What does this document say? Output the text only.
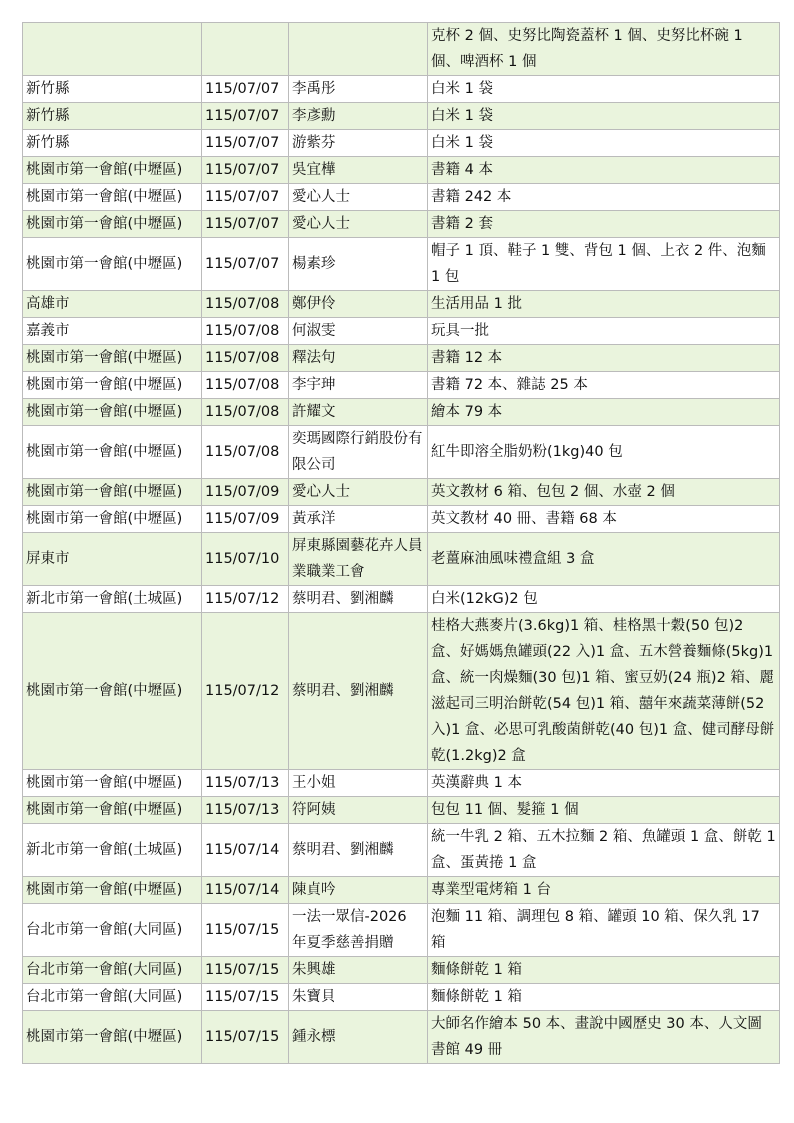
			克杯 2 個、史努比陶瓷蓋杯 1 個、史努比杯碗 1 個、啤酒杯 1 個
新竹縣	115/07/07	李禹彤	白米 1 袋
新竹縣	115/07/07	李彥勳	白米 1 袋
新竹縣	115/07/07	游紫芬	白米 1 袋
桃園市第一會館(中壢區)	115/07/07	吳宜樺	書籍 4 本
桃園市第一會館(中壢區)	115/07/07	愛心人士	書籍 242 本
桃園市第一會館(中壢區)	115/07/07	愛心人士	書籍 2 套
桃園市第一會館(中壢區)	115/07/07	楊素珍	帽子 1 頂、鞋子 1 雙、背包 1 個、上衣 2 件、泡麵 1 包
高雄市	115/07/08	鄭伊伶	生活用品 1 批
嘉義市	115/07/08	何淑雯	玩具一批
桃園市第一會館(中壢區)	115/07/08	釋法句	書籍 12 本
桃園市第一會館(中壢區)	115/07/08	李宇珅	書籍 72 本、雜誌 25 本
桃園市第一會館(中壢區)	115/07/08	許耀文	繪本 79 本
桃園市第一會館(中壢區)	115/07/08	奕瑪國際行銷股份有限公司	紅牛即溶全脂奶粉(1kg)40 包
桃園市第一會館(中壢區)	115/07/09	愛心人士	英文教材 6 箱、包包 2 個、水壺 2 個
桃園市第一會館(中壢區)	115/07/09	黃承洋	英文教材 40 冊、書籍 68 本
屏東市	115/07/10	屏東縣園藝花卉人員業職業工會	老薑麻油風味禮盒組 3 盒
新北市第一會館(土城區)	115/07/12	蔡明君、劉湘麟	白米(12kG)2 包
桃園市第一會館(中壢區)	115/07/12	蔡明君、劉湘麟	桂格大燕麥片(3.6kg)1 箱、桂格黑十穀(50 包)2 盒、好媽媽魚罐頭(22 入)1 盒、五木營養麵條(5kg)1 盒、統一肉燥麵(30 包)1 箱、蜜豆奶(24 瓶)2 箱、麗滋起司三明治餅乾(54 包)1 箱、囍年來蔬菜薄餅(52 入)1 盒、必思可乳酸菌餅乾(40 包)1 盒、健司酵母餅乾(1.2kg)2 盒
桃園市第一會館(中壢區)	115/07/13	王小姐	英漢辭典 1 本
桃園市第一會館(中壢區)	115/07/13	符阿姨	包包 11 個、髮箍 1 個
新北市第一會館(土城區)	115/07/14	蔡明君、劉湘麟	統一牛乳 2 箱、五木拉麵 2 箱、魚罐頭 1 盒、餅乾 1 盒、蛋黃捲 1 盒
桃園市第一會館(中壢區)	115/07/14	陳貞吟	專業型電烤箱 1 台
台北市第一會館(大同區)	115/07/15	一法一眾信-2026 年夏季慈善捐贈	泡麵 11 箱、調理包 8 箱、罐頭 10 箱、保久乳 17 箱
台北市第一會館(大同區)	115/07/15	朱興雄	麵條餅乾 1 箱
台北市第一會館(大同區)	115/07/15	朱寶貝	麵條餅乾 1 箱
桃園市第一會館(中壢區)	115/07/15	鍾永標	大師名作繪本 50 本、畫說中國歷史 30 本、人文圖書館 49 冊
